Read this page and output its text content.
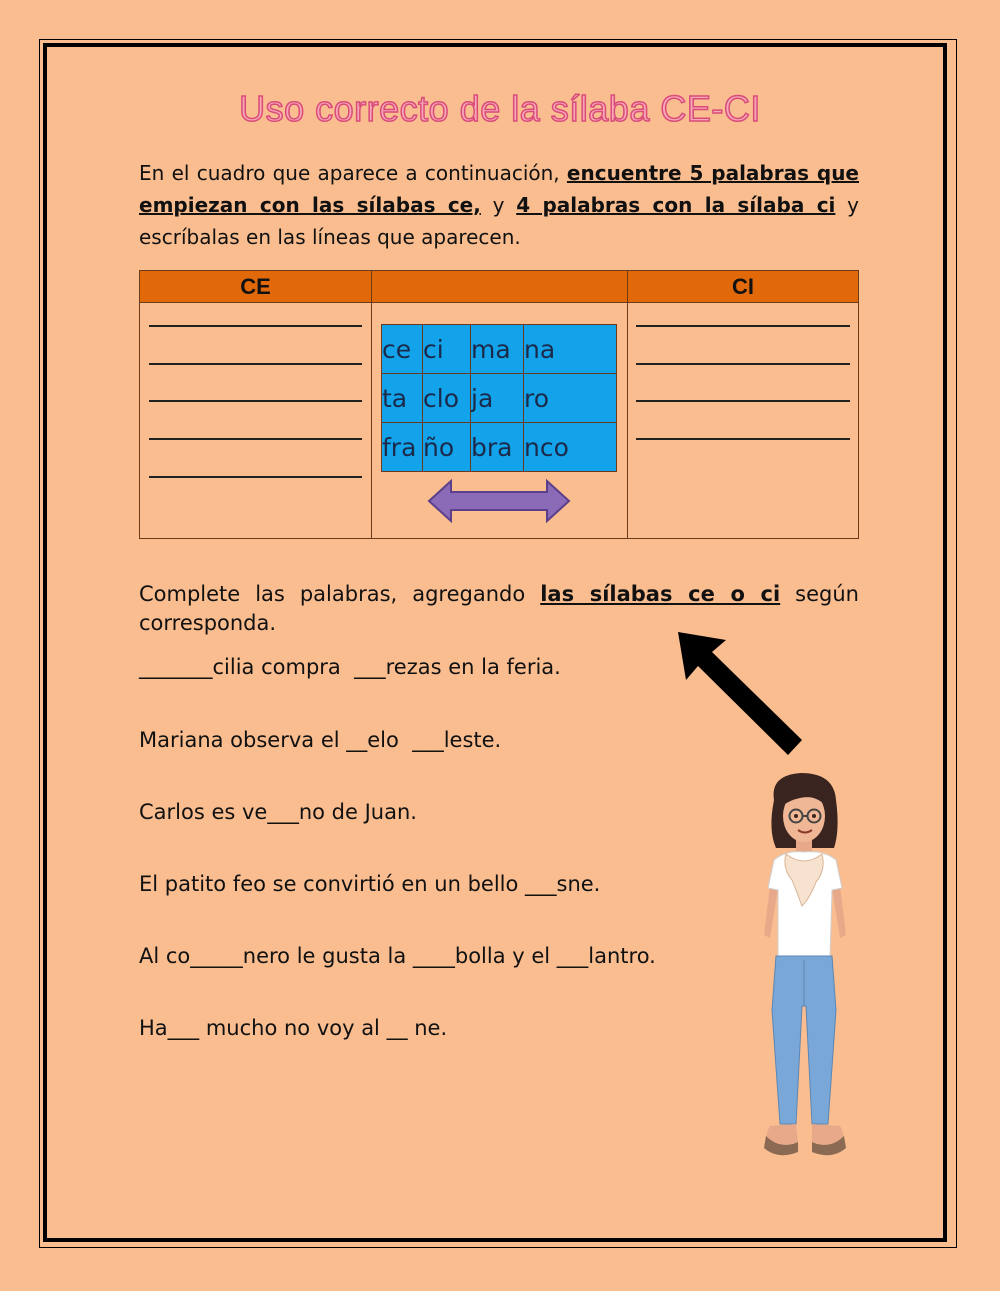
Uso correcto de la sílaba CE-CI
En el cuadro que aparece a continuación, encuentre 5 palabras que empiezan con las sílabas ce, y 4 palabras con la sílaba ci y escríbalas en las líneas que aparecen.
CE		CI

ce	ci	ma	na
ta	clo	ja	ro
fra	ño	bra	nco

Complete las palabras, agregando las sílabas ce o ci según corresponda.
_______cilia compra  ___rezas en la feria.
Mariana observa el __elo  ___leste.
Carlos es ve___no de Juan.
El patito feo se convirtió en un bello ___sne.
Al co_____nero le gusta la ____bolla y el ___lantro.
Ha___ mucho no voy al __ ne.
